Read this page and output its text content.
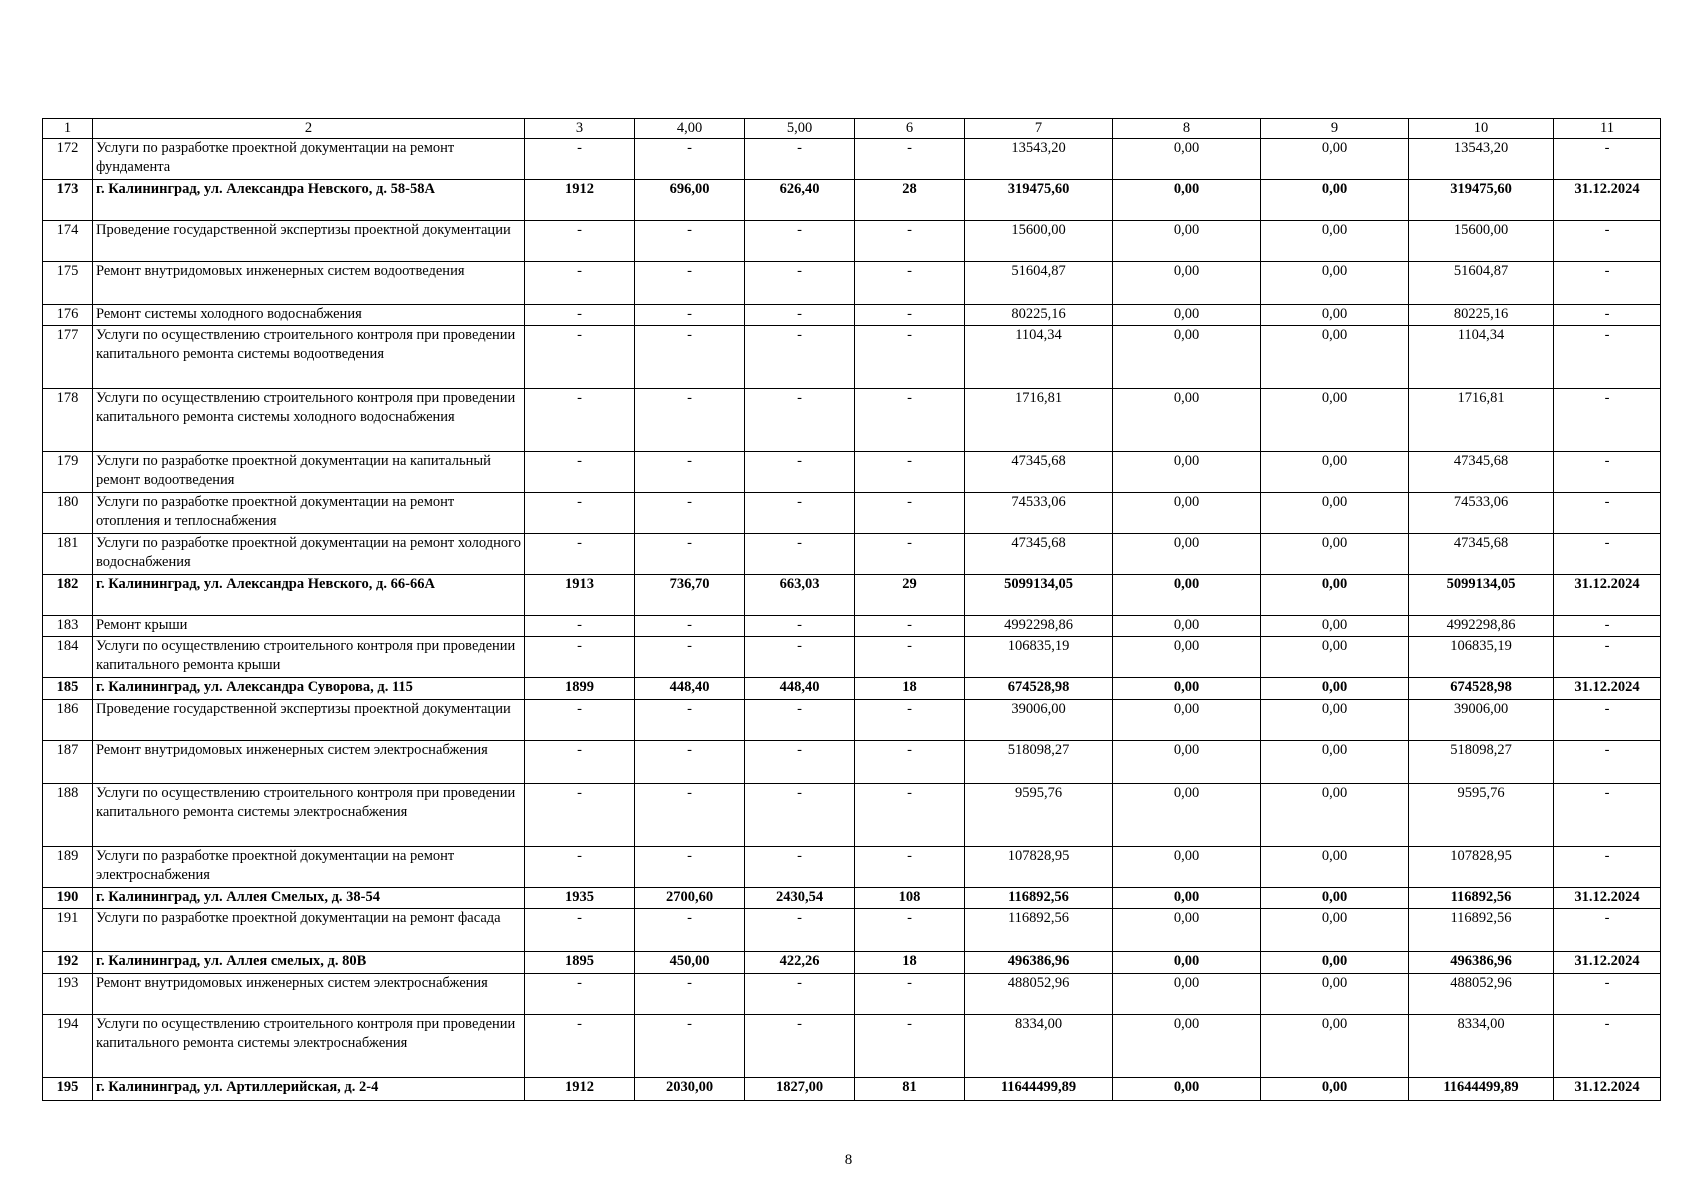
1	2	3	4,00	5,00	6	7	8	9	10	11
172	Услуги по разработке проектной документации на ремонт фундамента	-	-	-	-	13543,20	0,00	0,00	13543,20	-
173	г. Калининград, ул. Александра Невского, д. 58-58А	1912	696,00	626,40	28	319475,60	0,00	0,00	319475,60	31.12.2024
174	Проведение государственной экспертизы проектной документации	-	-	-	-	15600,00	0,00	0,00	15600,00	-
175	Ремонт внутридомовых инженерных систем водоотведения	-	-	-	-	51604,87	0,00	0,00	51604,87	-
176	Ремонт системы холодного водоснабжения	-	-	-	-	80225,16	0,00	0,00	80225,16	-
177	Услуги по осуществлению строительного контроля при проведении капитального ремонта системы водоотведения	-	-	-	-	1104,34	0,00	0,00	1104,34	-
178	Услуги по осуществлению строительного контроля при проведении капитального ремонта системы холодного водоснабжения	-	-	-	-	1716,81	0,00	0,00	1716,81	-
179	Услуги по разработке проектной документации на капитальный ремонт водоотведения	-	-	-	-	47345,68	0,00	0,00	47345,68	-
180	Услуги по разработке проектной документации на ремонт отопления и теплоснабжения	-	-	-	-	74533,06	0,00	0,00	74533,06	-
181	Услуги по разработке проектной документации на ремонт холодного водоснабжения	-	-	-	-	47345,68	0,00	0,00	47345,68	-
182	г. Калининград, ул. Александра Невского, д. 66-66А	1913	736,70	663,03	29	5099134,05	0,00	0,00	5099134,05	31.12.2024
183	Ремонт крыши	-	-	-	-	4992298,86	0,00	0,00	4992298,86	-
184	Услуги по осуществлению строительного контроля при проведении капитального ремонта крыши	-	-	-	-	106835,19	0,00	0,00	106835,19	-
185	г. Калининград, ул. Александра Суворова, д. 115	1899	448,40	448,40	18	674528,98	0,00	0,00	674528,98	31.12.2024
186	Проведение государственной экспертизы проектной документации	-	-	-	-	39006,00	0,00	0,00	39006,00	-
187	Ремонт внутридомовых инженерных систем электроснабжения	-	-	-	-	518098,27	0,00	0,00	518098,27	-
188	Услуги по осуществлению строительного контроля при проведении капитального ремонта системы электроснабжения	-	-	-	-	9595,76	0,00	0,00	9595,76	-
189	Услуги по разработке проектной документации на ремонт электроснабжения	-	-	-	-	107828,95	0,00	0,00	107828,95	-
190	г. Калининград, ул. Аллея Смелых, д. 38-54	1935	2700,60	2430,54	108	116892,56	0,00	0,00	116892,56	31.12.2024
191	Услуги по разработке проектной документации на ремонт фасада	-	-	-	-	116892,56	0,00	0,00	116892,56	-
192	г. Калининград, ул. Аллея смелых, д. 80В	1895	450,00	422,26	18	496386,96	0,00	0,00	496386,96	31.12.2024
193	Ремонт внутридомовых инженерных систем электроснабжения	-	-	-	-	488052,96	0,00	0,00	488052,96	-
194	Услуги по осуществлению строительного контроля при проведении капитального ремонта системы электроснабжения	-	-	-	-	8334,00	0,00	0,00	8334,00	-
195	г. Калининград, ул. Артиллерийская, д. 2-4	1912	2030,00	1827,00	81	11644499,89	0,00	0,00	11644499,89	31.12.2024
8
